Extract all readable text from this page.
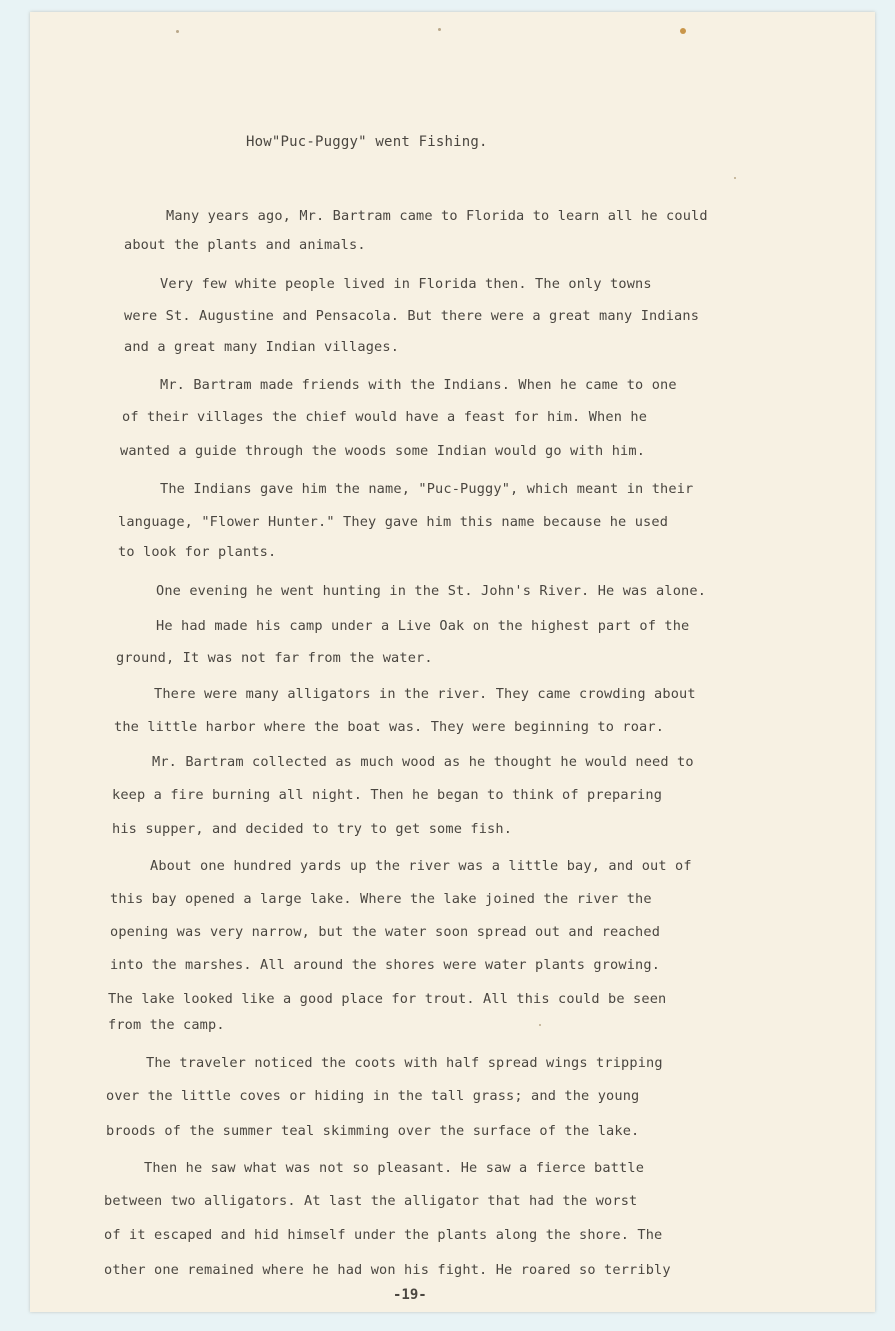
How"Puc-Puggy" went Fishing.
Many years ago, Mr. Bartram came to Florida to learn all he could
about the plants and animals.
Very few white people lived in Florida then. The only towns
were St. Augustine and Pensacola. But there were a great many Indians
and a great many Indian villages.
Mr. Bartram made friends with the Indians. When he came to one
of their villages the chief would have a feast for him. When he
wanted a guide through the woods some Indian would go with him.
The Indians gave him the name, "Puc-Puggy", which meant in their
language, "Flower Hunter." They gave him this name because he used
to look for plants.
One evening he went hunting in the St. John's River. He was alone.
He had made his camp under a Live Oak on the highest part of the
ground, It was not far from the water.
There were many alligators in the river. They came crowding about
the little harbor where the boat was. They were beginning to roar.
Mr. Bartram collected as much wood as he thought he would need to
keep a fire burning all night. Then he began to think of preparing
his supper, and decided to try to get some fish.
About one hundred yards up the river was a little bay, and out of
this bay opened a large lake. Where the lake joined the river the
opening was very narrow, but the water soon spread out and reached
into the marshes. All around the shores were water plants growing.
The lake looked like a good place for trout. All this could be seen
from the camp.
The traveler noticed the coots with half spread wings tripping
over the little coves or hiding in the tall grass; and the young
broods of the summer teal skimming over the surface of the lake.
Then he saw what was not so pleasant. He saw a fierce battle
between two alligators. At last the alligator that had the worst
of it escaped and hid himself under the plants along the shore. The
other one remained where he had won his fight. He roared so terribly
-19-
